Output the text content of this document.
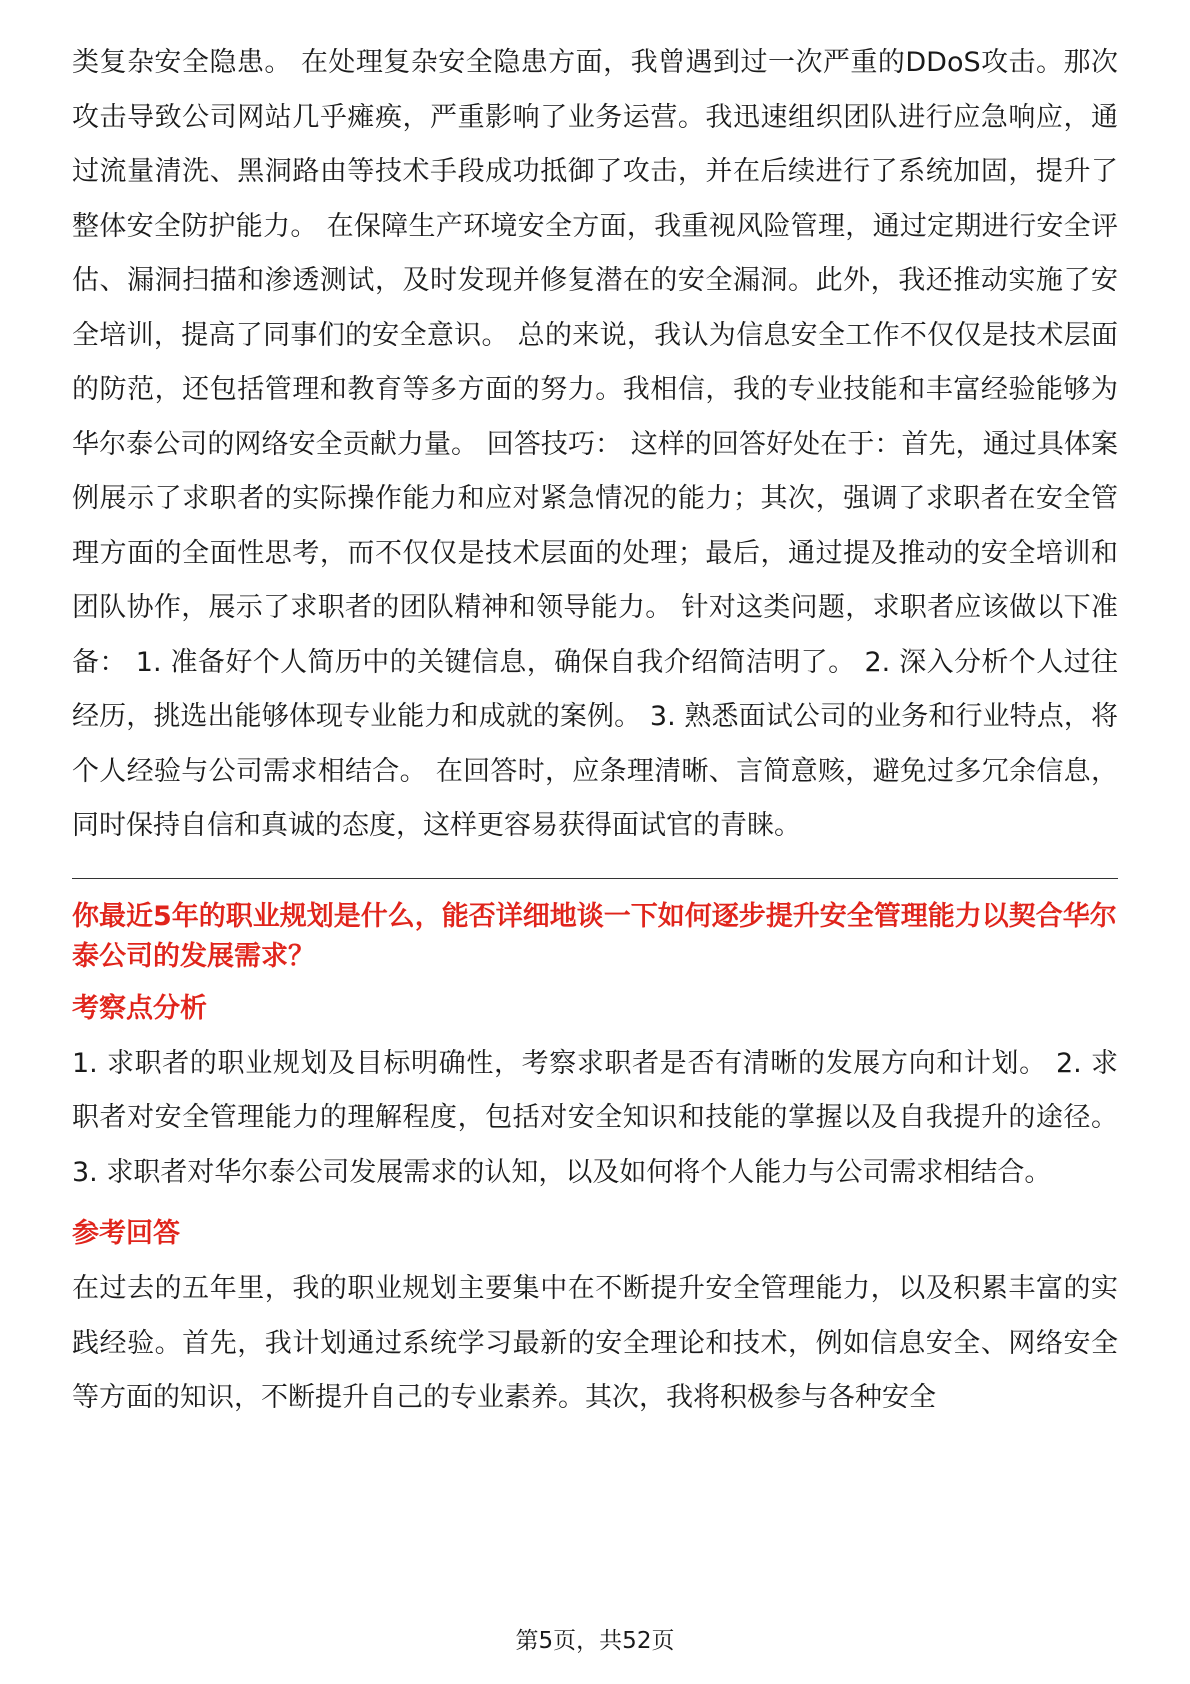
类复杂安全隐患。 在处理复杂安全隐患方面，我曾遇到过一次严重的DDoS攻击。那次攻击导致公司网站几乎瘫痪，严重影响了业务运营。我迅速组织团队进行应急响应，通过流量清洗、黑洞路由等技术手段成功抵御了攻击，并在后续进行了系统加固，提升了整体安全防护能力。 在保障生产环境安全方面，我重视风险管理，通过定期进行安全评估、漏洞扫描和渗透测试，及时发现并修复潜在的安全漏洞。此外，我还推动实施了安全培训，提高了同事们的安全意识。 总的来说，我认为信息安全工作不仅仅是技术层面的防范，还包括管理和教育等多方面的努力。我相信，我的专业技能和丰富经验能够为华尔泰公司的网络安全贡献力量。 回答技巧： 这样的回答好处在于：首先，通过具体案例展示了求职者的实际操作能力和应对紧急情况的能力；其次，强调了求职者在安全管理方面的全面性思考，而不仅仅是技术层面的处理；最后，通过提及推动的安全培训和团队协作，展示了求职者的团队精神和领导能力。 针对这类问题，求职者应该做以下准备： 1. 准备好个人简历中的关键信息，确保自我介绍简洁明了。 2. 深入分析个人过往经历，挑选出能够体现专业能力和成就的案例。 3. 熟悉面试公司的业务和行业特点，将个人经验与公司需求相结合。 在回答时，应条理清晰、言简意赅，避免过多冗余信息，同时保持自信和真诚的态度，这样更容易获得面试官的青睐。

你最近5年的职业规划是什么，能否详细地谈一下如何逐步提升安全管理能力以契合华尔泰公司的发展需求？

考察点分析

1. 求职者的职业规划及目标明确性，考察求职者是否有清晰的发展方向和计划。 2. 求职者对安全管理能力的理解程度，包括对安全知识和技能的掌握以及自我提升的途径。 3. 求职者对华尔泰公司发展需求的认知，以及如何将个人能力与公司需求相结合。

参考回答

在过去的五年里，我的职业规划主要集中在不断提升安全管理能力，以及积累丰富的实践经验。首先，我计划通过系统学习最新的安全理论和技术，例如信息安全、网络安全等方面的知识，不断提升自己的专业素养。其次，我将积极参与各种安全

第5页，共52页
